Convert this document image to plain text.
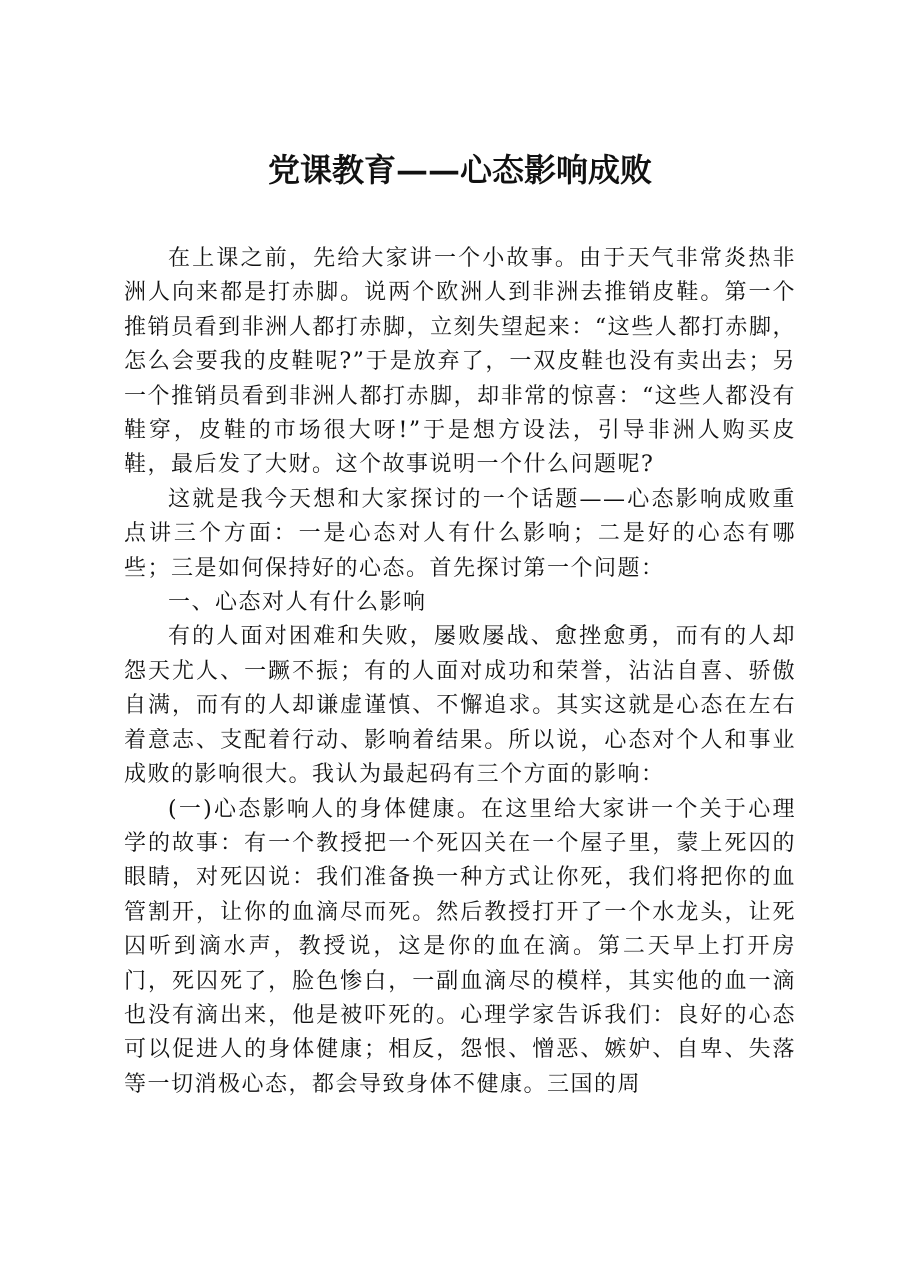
党课教育——心态影响成败

在上课之前，先给大家讲一个小故事。由于天气非常炎热非洲人向来都是打赤脚。说两个欧洲人到非洲去推销皮鞋。第一个推销员看到非洲人都打赤脚，立刻失望起来：“这些人都打赤脚，怎么会要我的皮鞋呢?”于是放弃了，一双皮鞋也没有卖出去；另一个推销员看到非洲人都打赤脚，却非常的惊喜：“这些人都没有鞋穿，皮鞋的市场很大呀!”于是想方设法，引导非洲人购买皮鞋，最后发了大财。这个故事说明一个什么问题呢?

这就是我今天想和大家探讨的一个话题——心态影响成败重点讲三个方面：一是心态对人有什么影响；二是好的心态有哪些；三是如何保持好的心态。首先探讨第一个问题：

一、心态对人有什么影响

有的人面对困难和失败，屡败屡战、愈挫愈勇，而有的人却怨天尤人、一蹶不振；有的人面对成功和荣誉，沾沾自喜、骄傲自满，而有的人却谦虚谨慎、不懈追求。其实这就是心态在左右着意志、支配着行动、影响着结果。所以说，心态对个人和事业成败的影响很大。我认为最起码有三个方面的影响：

(一)心态影响人的身体健康。在这里给大家讲一个关于心理学的故事：有一个教授把一个死囚关在一个屋子里，蒙上死囚的眼睛，对死囚说：我们准备换一种方式让你死，我们将把你的血管割开，让你的血滴尽而死。然后教授打开了一个水龙头，让死囚听到滴水声，教授说，这是你的血在滴。第二天早上打开房门，死囚死了，脸色惨白，一副血滴尽的模样，其实他的血一滴也没有滴出来，他是被吓死的。心理学家告诉我们：良好的心态可以促进人的身体健康；相反，怨恨、憎恶、嫉妒、自卑、失落等一切消极心态，都会导致身体不健康。三国的周
